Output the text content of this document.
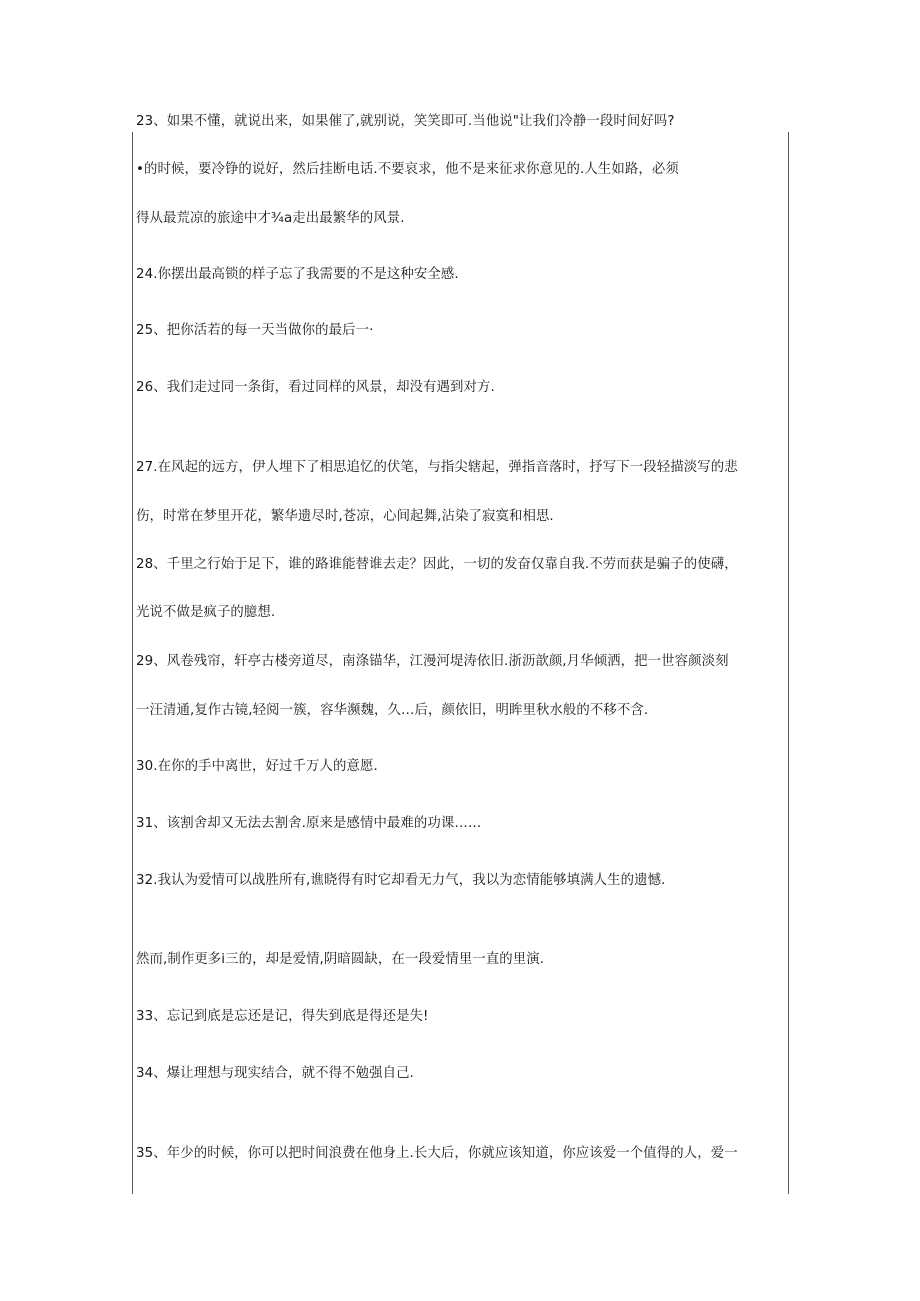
23、如果不懂，就说出来，如果催了,就别说，笑笑即可.当他说"让我们冷静一段时间好吗?
•的时候，要冷铮的说好，然后挂断电话.不要哀求，他不是来征求你意见的.人生如路，必须
得从最荒凉的旅途中才¾a走出最繁华的风景.
24.你摆出最高锁的样子忘了我需要的不是这种安全感.
25、把你活若的每一天当做你的最后一·
26、我们走过同一条街，看过同样的风景，却没有遇到对方.
27.在风起的远方，伊人埋下了相思追忆的伏笔，与指尖辖起，弹指音落时，抒写下一段轻描淡写的悲
伤，时常在梦里开花，繁华遗尽时,苍凉，心间起舞,沾染了寂寞和相思.
28、千里之行始于足下，谁的路谁能替谁去走？因此，一切的发奋仅靠自我.不劳而获是骗子的使礴，
光说不做是疯子的臆想.
29、风卷残帘，轩亭古楼旁道尽，南涤锚华，江漫河堤涛依旧.浙沥歆颜,月华倾洒，把一世容颜淡刻
一汪清通,复作古镜,轻阅一簇，容华濒魏，久…后，颜依旧，明眸里秋水般的不移不含.
30.在你的手中离世，好过千万人的意愿.
31、该割舍却又无法去割舍.原来是感情中最难的功课……
32.我认为爱情可以战胜所有,谯晓得有时它却看无力气，我以为恋情能够填满人生的遗憾.
然而,制作更多i三的，却是爱情,阴暗圆缺，在一段爱情里一直的里演.
33、忘记到底是忘还是记，得失到底是得还是失!
34、爆让理想与现实结合，就不得不勉强自己.
35、年少的时候，你可以把时间浪费在他身上.长大后，你就应该知道，你应该爱一个值得的人，爱一
